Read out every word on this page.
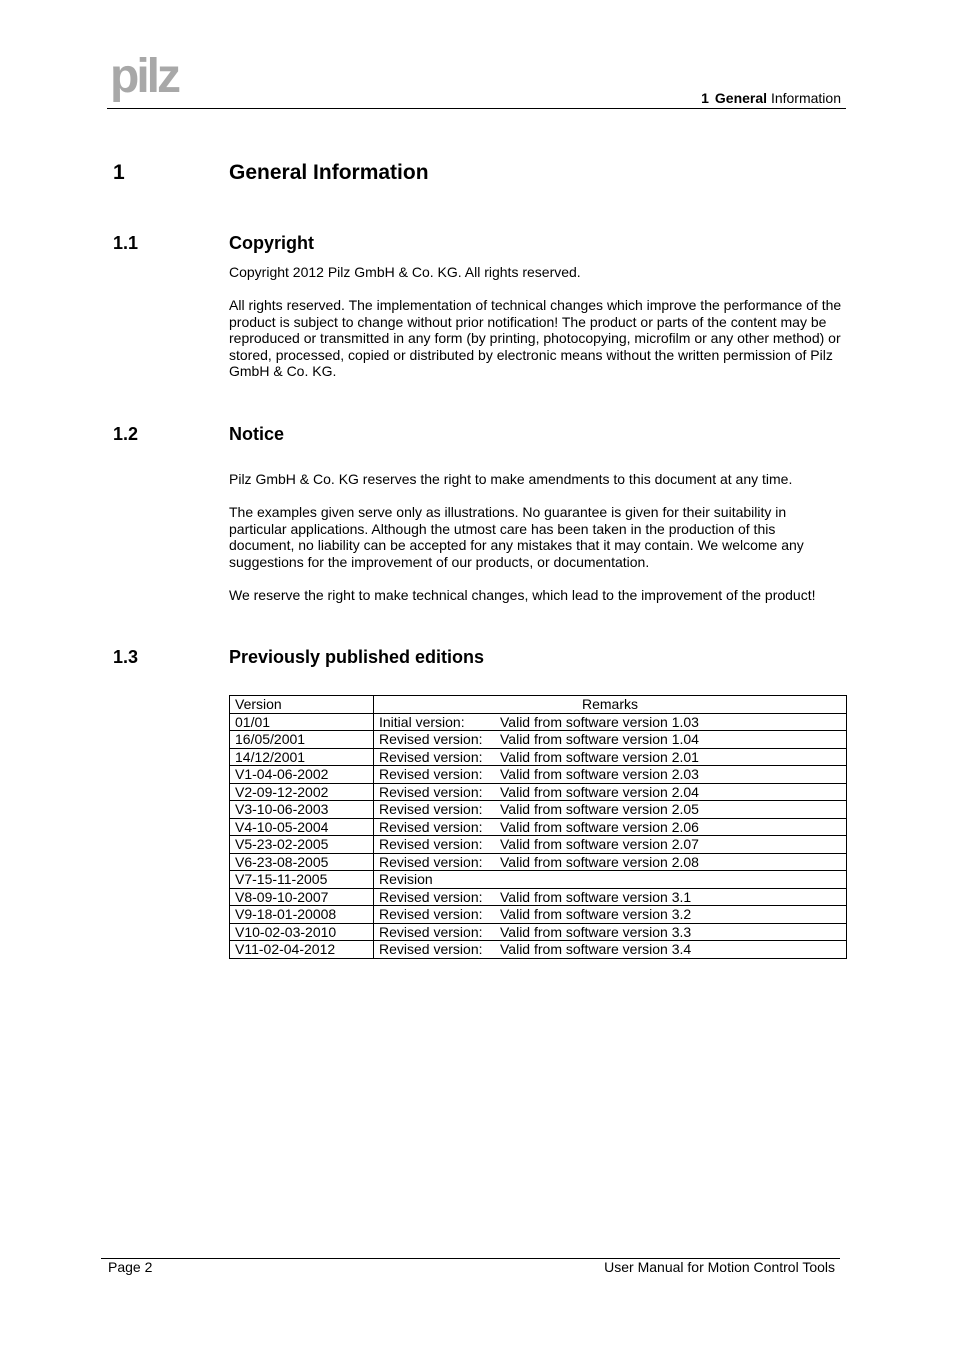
pilz	1 General Information
1	General Information
1.1	Copyright

Copyright 2012 Pilz GmbH & Co. KG. All rights reserved.

All rights reserved. The implementation of technical changes which improve the performance of the product is subject to change without prior notification! The product or parts of the content may be reproduced or transmitted in any form (by printing, photocopying, microfilm or any other method) or stored, processed, copied or distributed by electronic means without the written permission of Pilz GmbH & Co. KG.

1.2	Notice

Pilz GmbH & Co. KG reserves the right to make amendments to this document at any time.

The examples given serve only as illustrations. No guarantee is given for their suitability in particular applications. Although the utmost care has been taken in the production of this document, no liability can be accepted for any mistakes that it may contain. We welcome any suggestions for the improvement of our products, or documentation.

We reserve the right to make technical changes, which lead to the improvement of the product!

1.3	Previously published editions
Version	Remarks
01/01	Initial version: Valid from software version 1.03
16/05/2001	Revised version: Valid from software version 1.04
14/12/2001	Revised version: Valid from software version 2.01
V1-04-06-2002	Revised version: Valid from software version 2.03
V2-09-12-2002	Revised version: Valid from software version 2.04
V3-10-06-2003	Revised version: Valid from software version 2.05
V4-10-05-2004	Revised version: Valid from software version 2.06
V5-23-02-2005	Revised version: Valid from software version 2.07
V6-23-08-2005	Revised version: Valid from software version 2.08
V7-15-11-2005	Revision
V8-09-10-2007	Revised version: Valid from software version 3.1
V9-18-01-20008	Revised version: Valid from software version 3.2
V10-02-03-2010	Revised version: Valid from software version 3.3
V11-02-04-2012	Revised version: Valid from software version 3.4
Page 2	User Manual for Motion Control Tools
